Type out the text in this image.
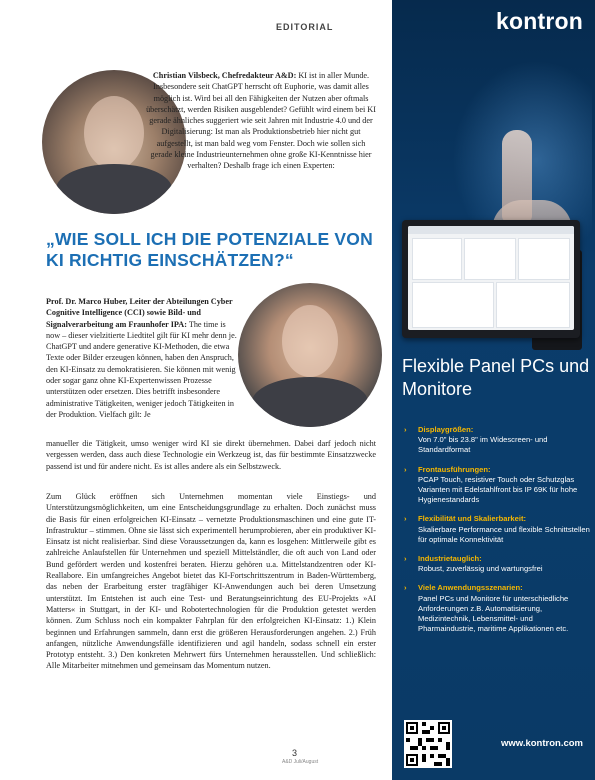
EDITORIAL
Christian Vilsbeck, Chefredakteur A&D: KI ist in aller Munde. Insbesondere seit ChatGPT herrscht oft Euphorie, was damit alles möglich ist. Wird bei all den Fähigkeiten der Nutzen aber oftmals überschätzt, werden Risiken ausgeblendet? Gefühlt wird einem bei KI gerade ähnliches suggeriert wie seit Jahren mit Industrie 4.0 und der Digitalisierung: Ist man als Produktionsbetrieb hier nicht gut aufgestellt, ist man bald weg vom Fenster. Doch wie sollen sich gerade kleine Industrieunternehmen ohne große KI-Kenntnisse hier verhalten? Deshalb frage ich einen Experten:
„WIE SOLL ICH DIE POTENZIALE VON KI RICHTIG EINSCHÄTZEN?“
Prof. Dr. Marco Huber, Leiter der Abteilungen Cyber Cognitive Intelligence (CCI) sowie Bild- und Signalverarbeitung am Fraunhofer IPA: The time is now – dieser vielzitierte Liedtitel gilt für KI mehr denn je. ChatGPT und andere generative KI-Methoden, die etwa Texte oder Bilder erzeugen können, haben den Anspruch, den KI-Einsatz zu demokratisieren. Sie können mit wenig oder sogar ganz ohne KI-Expertenwissen Prozesse unterstützen oder ersetzen. Dies betrifft insbesondere administrative Tätigkeiten, weniger jedoch Tätigkeiten in der Produktion. Vielfach gilt: Je
manueller die Tätigkeit, umso weniger wird KI sie direkt übernehmen. Dabei darf jedoch nicht vergessen werden, dass auch diese Technologie ein Werkzeug ist, das für bestimmte Einsatzzwecke passend ist und für andere nicht. Es ist alles andere als ein Selbstzweck.
Zum Glück eröffnen sich Unternehmen momentan viele Einstiegs- und Unterstützungsmöglichkeiten, um eine Entscheidungsgrundlage zu erhalten. Doch zunächst muss die Basis für einen erfolgreichen KI-Einsatz – vernetzte Produktionsmaschinen und eine gute IT-Infrastruktur – stimmen. Ohne sie lässt sich experimentell herumprobieren, aber ein produktiver KI-Einsatz ist nicht realisierbar. Sind diese Voraussetzungen da, kann es losgehen: Mittlerweile gibt es zahlreiche Anlaufstellen für Unternehmen und speziell Mittelständler, die oft auch von Land oder Bund gefördert werden und kostenfrei beraten. Hierzu gehören u.a. Mittelstandzentren oder KI-Reallabore. Ein umfangreiches Angebot bietet das KI-Fortschrittszentrum in Baden-Württemberg, das neben der Erarbeitung erster tragfähiger KI-Anwendungen auch bei deren Umsetzung unterstützt. Im Entstehen ist auch eine Test- und Beratungseinrichtung des EU-Projekts »AI Matters« in Stuttgart, in der KI- und Robotertechnologien für die Produktion getestet werden können. Zum Schluss noch ein kompakter Fahrplan für den erfolgreichen KI-Einsatz: 1.) Klein beginnen und Erfahrungen sammeln, dann erst die größeren Herausforderungen angehen. 2.) Früh anfangen, nützliche Anwendungsfälle identifizieren und agil handeln, sodass schnell ein erster Prototyp entsteht. 3.) Den konkreten Mehrwert fürs Unternehmen herausstellen. Und schließlich: Alle Mitarbeiter mitnehmen und gemeinsam das Momentum nutzen.
3
A&D Juli/August
kontron
Flexible Panel PCs und Monitore
›	Displaygrößen:
Von 7.0" bis 23.8" im Widescreen- und Standardformat
›	Frontausführungen:
PCAP Touch, resistiver Touch oder Schutzglas Varianten mit Edelstahlfront bis IP 69K für hohe Hygienestandards
›	Flexibilität und Skalierbarkeit:
Skalierbare Performance und flexible Schnittstellen für optimale Konnektivität
›	Industrietauglich:
Robust, zuverlässig und wartungsfrei
›	Viele Anwendungsszenarien:
Panel PCs und Monitore für unterschiedliche Anforderungen z.B. Automatisierung, Medizintechnik, Lebensmittel- und Pharmaindustrie, maritime Applikationen etc.
www.kontron.com
